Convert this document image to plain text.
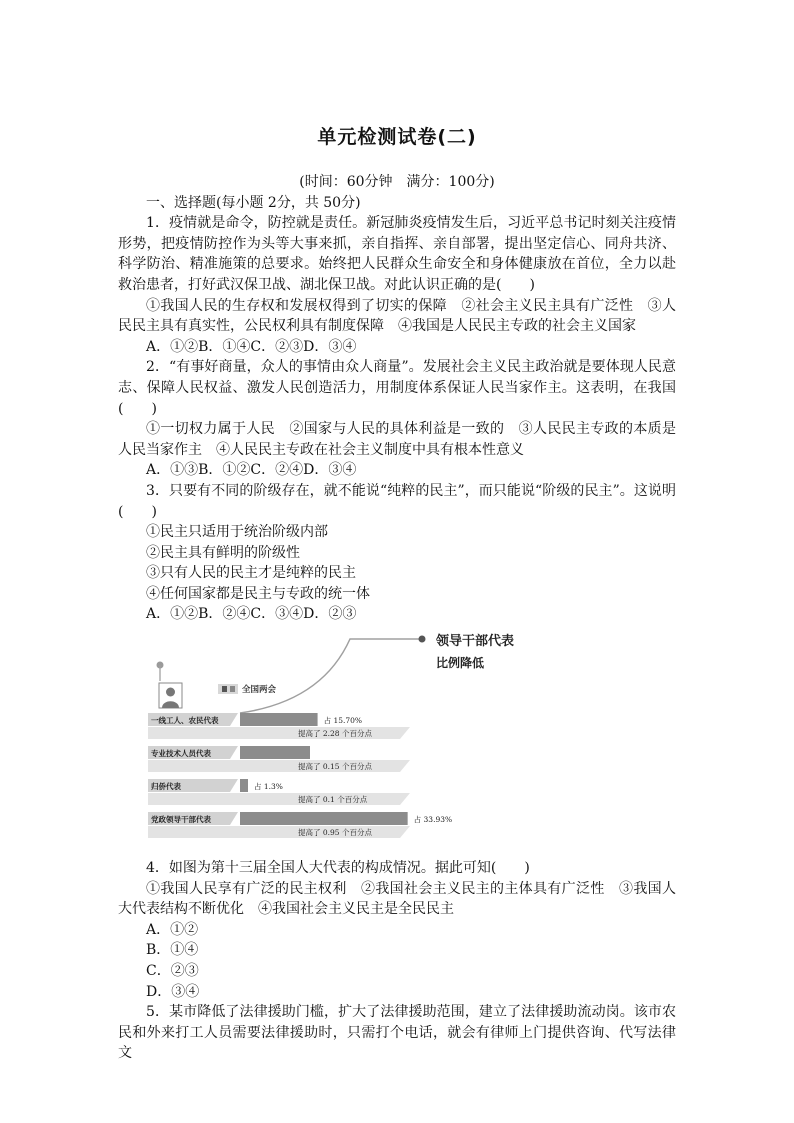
单元检测试卷(二)

(时间：60分钟　满分：100分)

一、选择题(每小题 2分，共 50分)

1．疫情就是命令，防控就是责任。新冠肺炎疫情发生后，习近平总书记时刻关注疫情形势，把疫情防控作为头等大事来抓，亲自指挥、亲自部署，提出坚定信心、同舟共济、科学防治、精准施策的总要求。始终把人民群众生命安全和身体健康放在首位，全力以赴救治患者，打好武汉保卫战、湖北保卫战。对此认识正确的是(　　)

①我国人民的生存权和发展权得到了切实的保障　②社会主义民主具有广泛性　③人民民主具有真实性，公民权利具有制度保障　④我国是人民民主专政的社会主义国家

A．①②B．①④C．②③D．③④

2．“有事好商量，众人的事情由众人商量”。发展社会主义民主政治就是要体现人民意志、保障人民权益、激发人民创造活力，用制度体系保证人民当家作主。这表明，在我国(　　)

①一切权力属于人民　②国家与人民的具体利益是一致的　③人民民主专政的本质是人民当家作主　④人民民主专政在社会主义制度中具有根本性意义

A．①③B．①②C．②④D．③④

3．只要有不同的阶级存在，就不能说“纯粹的民主”，而只能说“阶级的民主”。这说明(　　)

①民主只适用于统治阶级内部

②民主具有鲜明的阶级性

③只有人民的民主才是纯粹的民主

④任何国家都是民主与专政的统一体

A．①②B．②④C．③④D．②③

领导干部代表
比例降低
全国两会
一线工人、农民代表	占 15.70%
提高了 2.28 个百分点
专业技术人员代表
提高了 0.15 个百分点
归侨代表	占 1.3%
提高了 0.1 个百分点
党政领导干部代表	占 33.93%
提高了 0.95 个百分点

4．如图为第十三届全国人大代表的构成情况。据此可知(　　)

①我国人民享有广泛的民主权利　②我国社会主义民主的主体具有广泛性　③我国人大代表结构不断优化　④我国社会主义民主是全民民主

A．①②

B．①④

C．②③

D．③④

5．某市降低了法律援助门槛，扩大了法律援助范围，建立了法律援助流动岗。该市农民和外来打工人员需要法律援助时，只需打个电话，就会有律师上门提供咨询、代写法律文
